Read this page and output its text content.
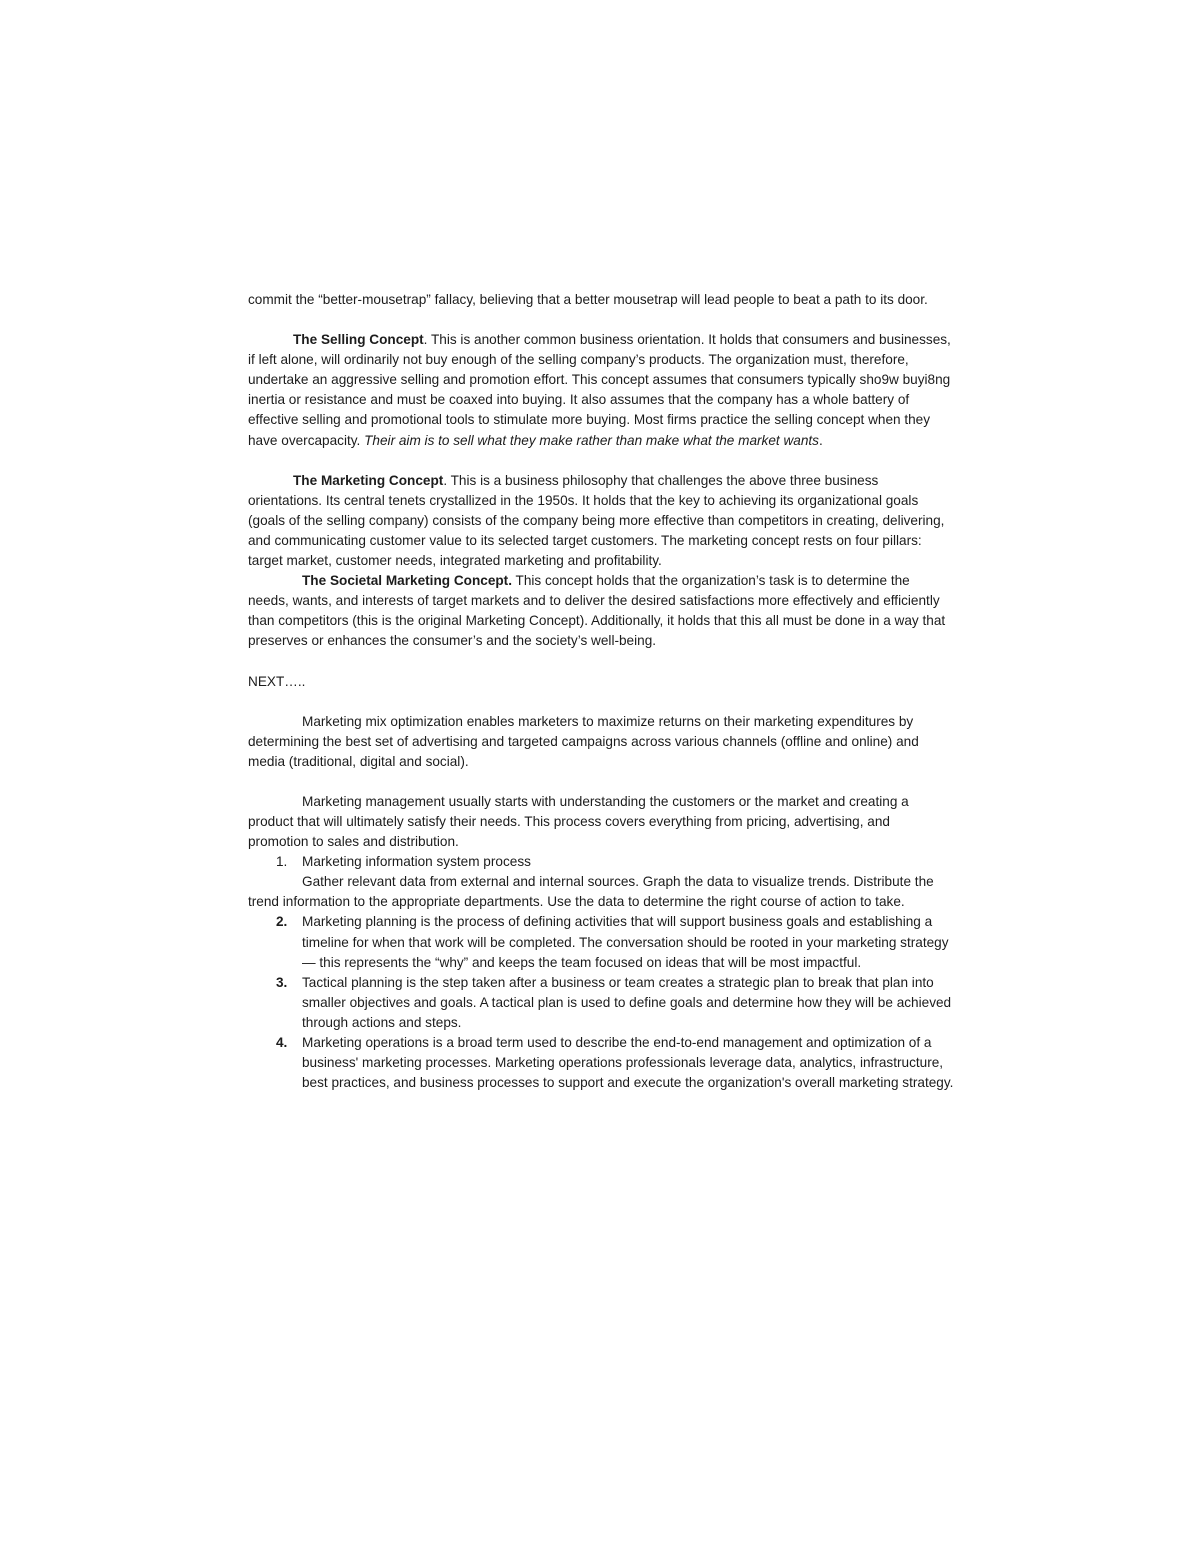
commit the “better-mousetrap” fallacy, believing that a better mousetrap will lead people to beat a path to its door.

The Selling Concept. This is another common business orientation. It holds that consumers and businesses, if left alone, will ordinarily not buy enough of the selling company’s products. The organization must, therefore, undertake an aggressive selling and promotion effort. This concept assumes that consumers typically sho9w buyi8ng inertia or resistance and must be coaxed into buying. It also assumes that the company has a whole battery of effective selling and promotional tools to stimulate more buying. Most firms practice the selling concept when they have overcapacity. Their aim is to sell what they make rather than make what the market wants.

The Marketing Concept. This is a business philosophy that challenges the above three business orientations. Its central tenets crystallized in the 1950s. It holds that the key to achieving its organizational goals (goals of the selling company) consists of the company being more effective than competitors in creating, delivering, and communicating customer value to its selected target customers. The marketing concept rests on four pillars: target market, customer needs, integrated marketing and profitability.

The Societal Marketing Concept. This concept holds that the organization’s task is to determine the needs, wants, and interests of target markets and to deliver the desired satisfactions more effectively and efficiently than competitors (this is the original Marketing Concept). Additionally, it holds that this all must be done in a way that preserves or enhances the consumer’s and the society’s well-being.

NEXT…..

Marketing mix optimization enables marketers to maximize returns on their marketing expenditures by determining the best set of advertising and targeted campaigns across various channels (offline and online) and media (traditional, digital and social).

Marketing management usually starts with understanding the customers or the market and creating a product that will ultimately satisfy their needs. This process covers everything from pricing, advertising, and promotion to sales and distribution.

1. Marketing information system process

Gather relevant data from external and internal sources. Graph the data to visualize trends. Distribute the trend information to the appropriate departments. Use the data to determine the right course of action to take.

2. Marketing planning is the process of defining activities that will support business goals and establishing a timeline for when that work will be completed. The conversation should be rooted in your marketing strategy — this represents the “why” and keeps the team focused on ideas that will be most impactful.
3. Tactical planning is the step taken after a business or team creates a strategic plan to break that plan into smaller objectives and goals. A tactical plan is used to define goals and determine how they will be achieved through actions and steps.
4. Marketing operations is a broad term used to describe the end-to-end management and optimization of a business' marketing processes. Marketing operations professionals leverage data, analytics, infrastructure, best practices, and business processes to support and execute the organization's overall marketing strategy.
